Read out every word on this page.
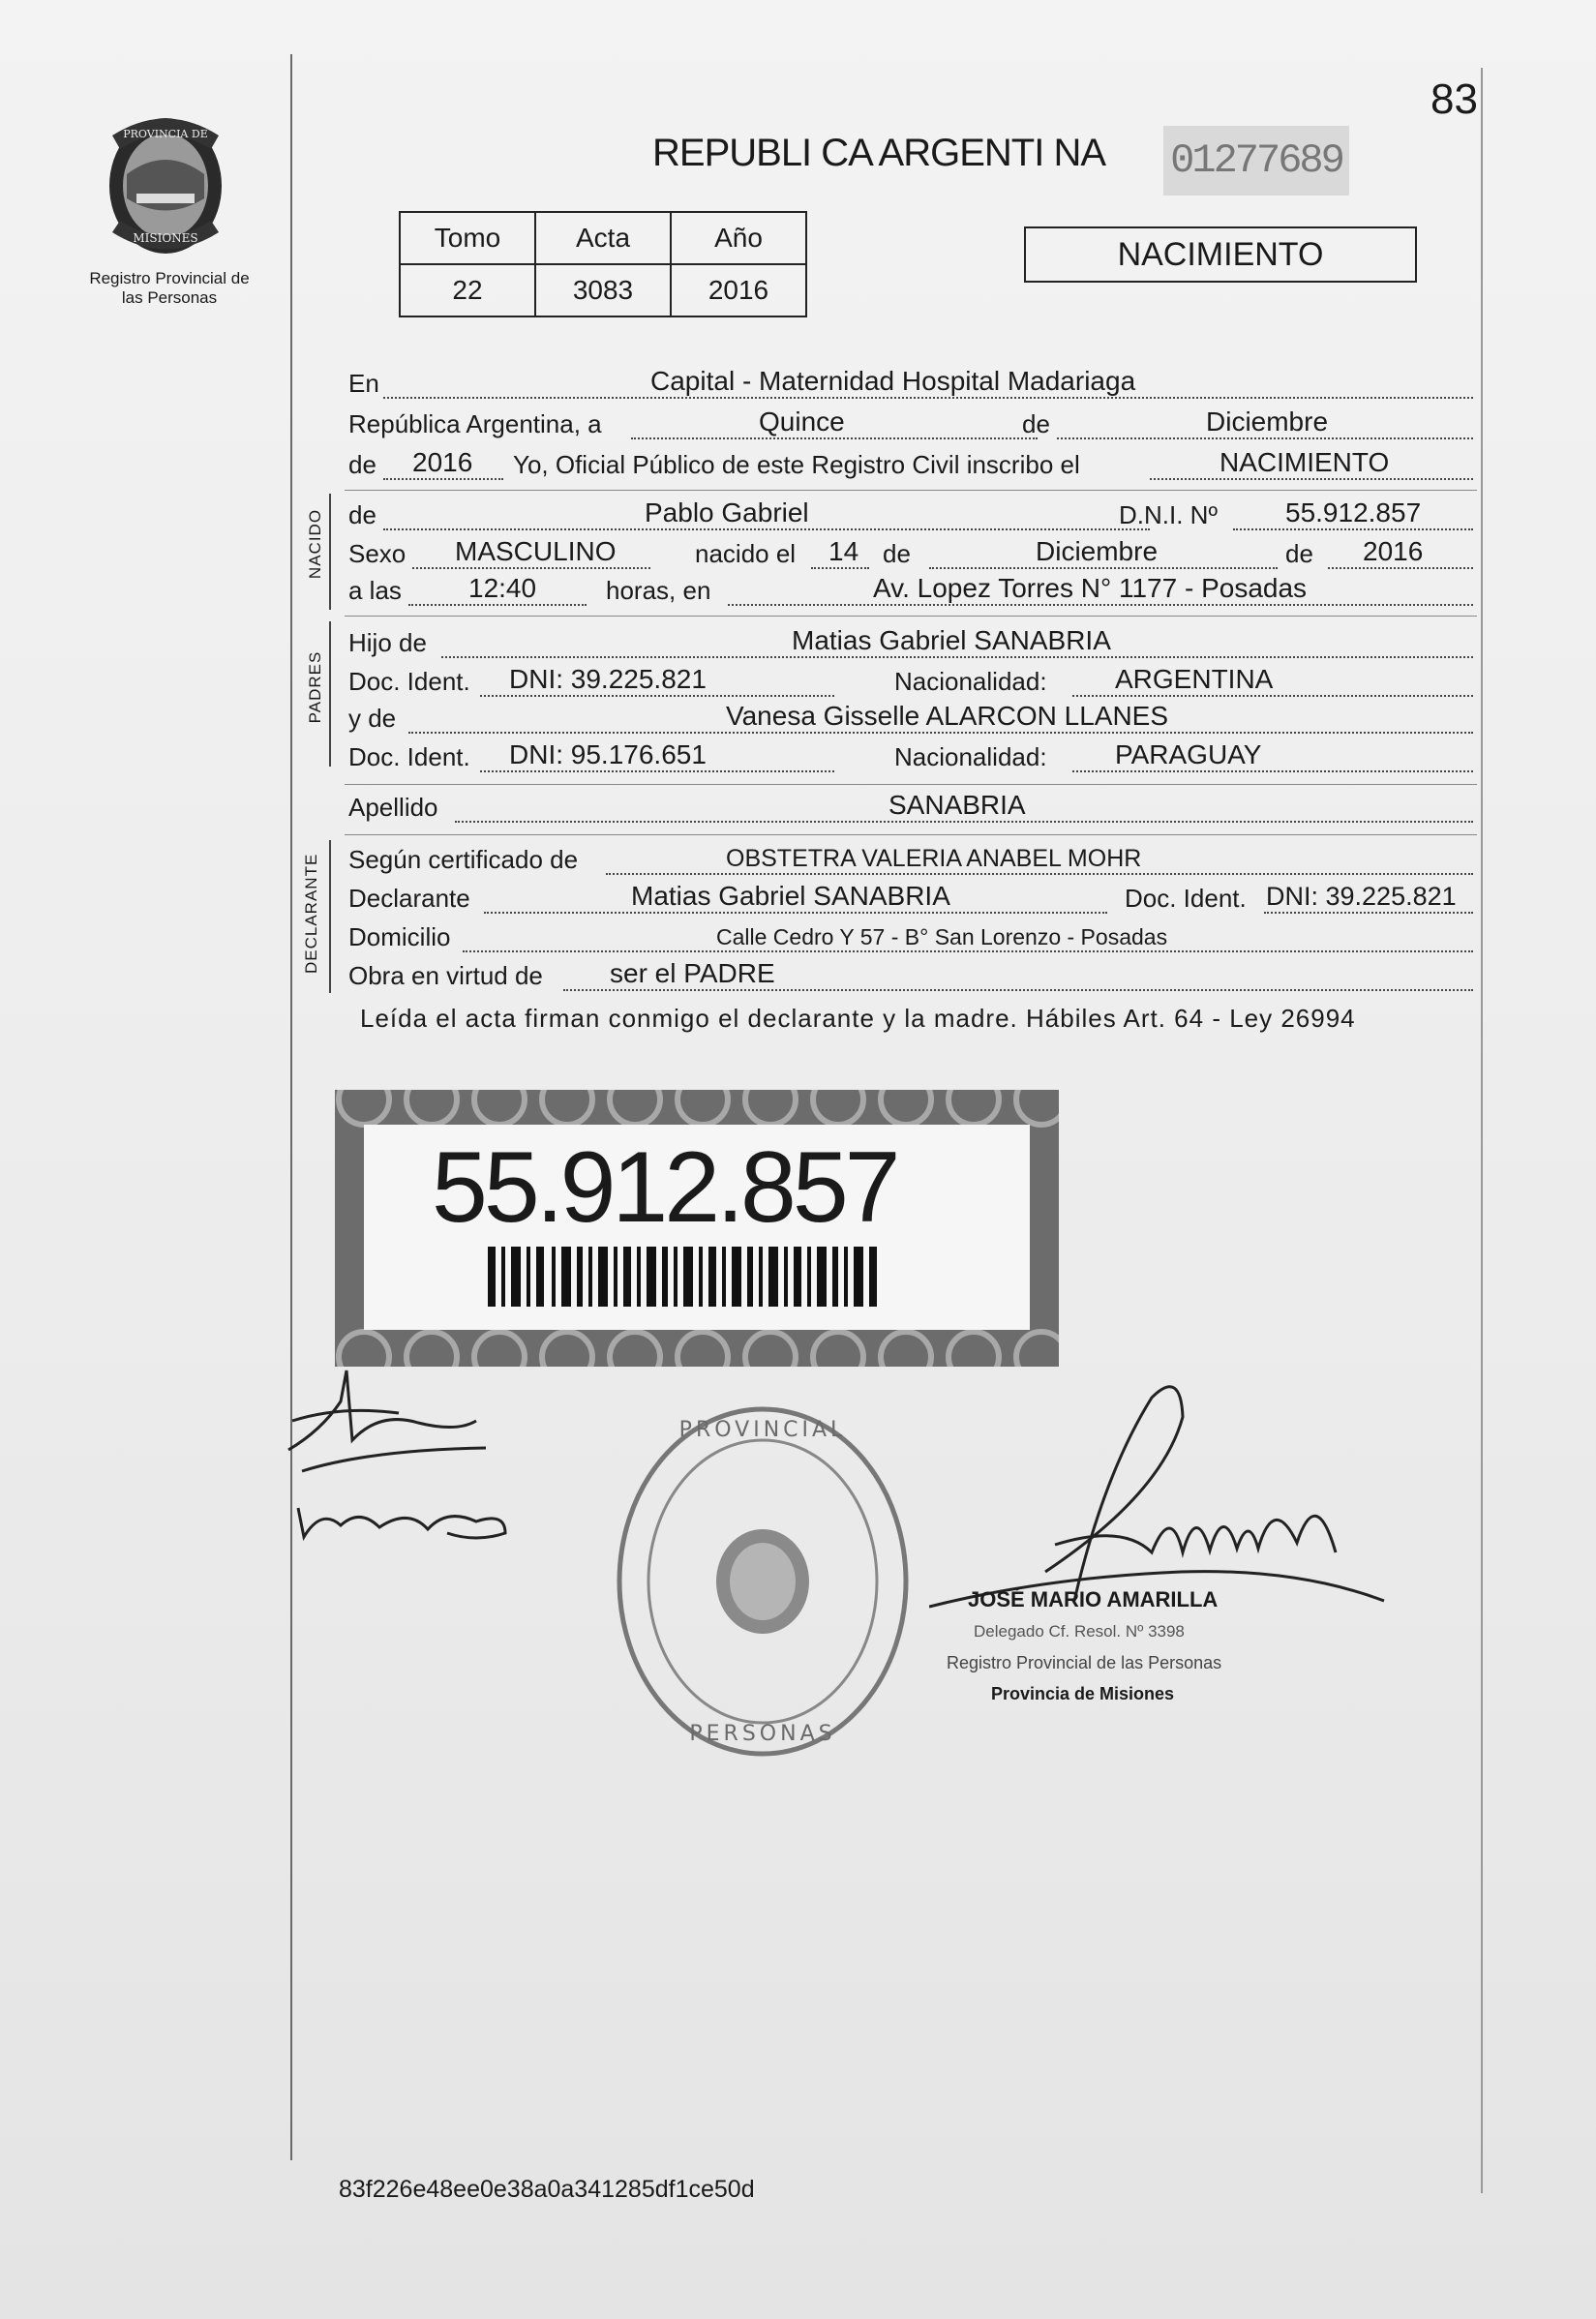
PROVINCIA DE
MISIONES
Registro Provincial de las Personas
REPUBLI CA ARGENTI NA 01277689
83
Tomo	Acta	Año
22	3083	2016
NACIMIENTO
En	Capital - Maternidad Hospital Madariaga
República Argentina, a	Quince	de	Diciembre
de 2016 Yo, Oficial Público de este Registro Civil inscribo el	NACIMIENTO
NACIDO de	Pablo Gabriel	D.N.I. Nº	55.912.857
Sexo MASCULINO	nacido el 14 de	Diciembre	de 2016
a las 12:40	horas, en	Av. Lopez Torres N° 1177 - Posadas
PADRES
Hijo de	Matias Gabriel SANABRIA
Doc. Ident. DNI: 39.225.821	Nacionalidad:	ARGENTINA
y de	Vanesa Gisselle ALARCON LLANES
Doc. Ident. DNI: 95.176.651	Nacionalidad:	PARAGUAY
Apellido	SANABRIA
DECLARANTE Según certificado de	OBSTETRA VALERIA ANABEL MOHR
Declarante	Matias Gabriel SANABRIA	Doc. Ident. DNI: 39.225.821
Domicilio	Calle Cedro Y 57 - B° San Lorenzo - Posadas
Obra en virtud de ser el PADRE
Leída el acta firman conmigo el declarante y la madre. Hábiles Art. 64 - Ley 26994
55.912.857
PROVINCIAL
PERSONAS
JOSÉ MARIO AMARILLA
Delegado Cf. Resol. Nº 3398
Registro Provincial de las Personas
Provincia de Misiones
83f226e48ee0e38a0a341285df1ce50d
